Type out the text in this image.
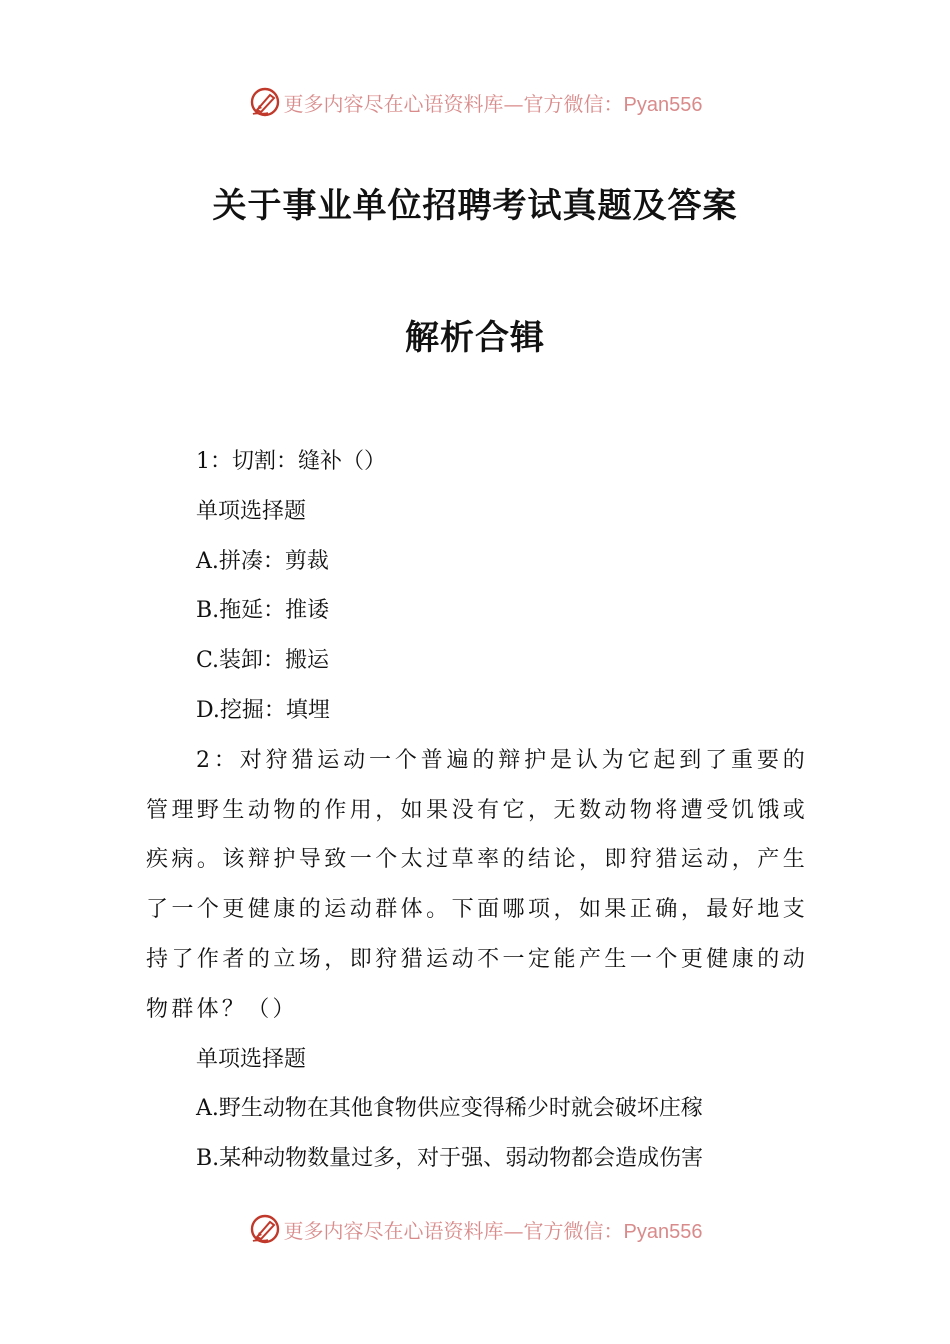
更多内容尽在心语资料库—官方微信：Pyan556
关于事业单位招聘考试真题及答案
解析合辑
1：切割：缝补（）
单项选择题
A.拼凑：剪裁
B.拖延：推诿
C.装卸：搬运
D.挖掘：填埋
2：对狩猎运动一个普遍的辩护是认为它起到了重要的管理野生动物的作用，如果没有它，无数动物将遭受饥饿或疾病。该辩护导致一个太过草率的结论，即狩猎运动，产生了一个更健康的运动群体。下面哪项，如果正确，最好地支持了作者的立场，即狩猎运动不一定能产生一个更健康的动物群体？（）
单项选择题
A.野生动物在其他食物供应变得稀少时就会破坏庄稼
B.某种动物数量过多，对于强、弱动物都会造成伤害
更多内容尽在心语资料库—官方微信：Pyan556
